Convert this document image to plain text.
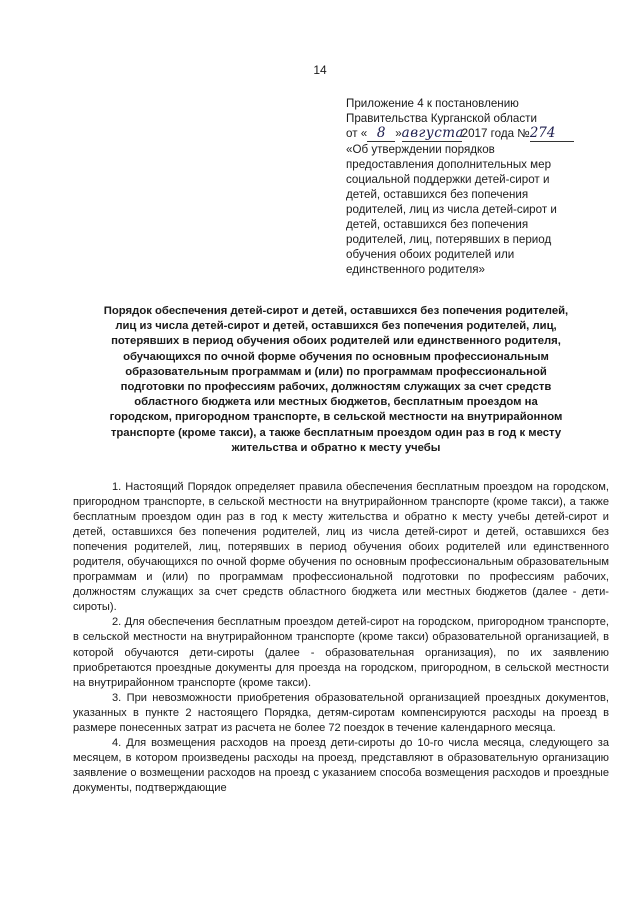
14
Приложение 4 к постановлению
Правительства Курганской области
от « 8 »августа2017 года №274
«Об утверждении порядков
предоставления дополнительных мер
социальной поддержки детей-сирот и
детей, оставшихся без попечения
родителей, лиц из числа детей-сирот и
детей, оставшихся без попечения
родителей, лиц, потерявших в период
обучения обоих родителей или
единственного родителя»
Порядок обеспечения детей-сирот и детей, оставшихся без попечения родителей,
лиц из числа детей-сирот и детей, оставшихся без попечения родителей, лиц,
потерявших в период обучения обоих родителей или единственного родителя,
обучающихся по очной форме обучения по основным профессиональным
образовательным программам и (или) по программам профессиональной
подготовки по профессиям рабочих, должностям служащих за счет средств
областного бюджета или местных бюджетов, бесплатным проездом на
городском, пригородном транспорте, в сельской местности на внутрирайонном
транспорте (кроме такси), а также бесплатным проездом один раз в год к месту
жительства и обратно к месту учебы

1. Настоящий Порядок определяет правила обеспечения бесплатным проездом на городском, пригородном транспорте, в сельской местности на внутрирайонном транспорте (кроме такси), а также бесплатным проездом один раз в год к месту жительства и обратно к месту учебы детей-сирот и детей, оставшихся без попечения родителей, лиц из числа детей-сирот и детей, оставшихся без попечения родителей, лиц, потерявших в период обучения обоих родителей или единственного родителя, обучающихся по очной форме обучения по основным профессиональным образовательным программам и (или) по программам профессиональной подготовки по профессиям рабочих, должностям служащих за счет средств областного бюджета или местных бюджетов (далее - дети-сироты).

2. Для обеспечения бесплатным проездом детей-сирот на городском, пригородном транспорте, в сельской местности на внутрирайонном транспорте (кроме такси) образовательной организацией, в которой обучаются дети-сироты (далее - образовательная организация), по их заявлению приобретаются проездные документы для проезда на городском, пригородном, в сельской местности на внутрирайонном транспорте (кроме такси).

3. При невозможности приобретения образовательной организацией проездных документов, указанных в пункте 2 настоящего Порядка, детям-сиротам компенсируются расходы на проезд в размере понесенных затрат из расчета не более 72 поездок в течение календарного месяца.

4. Для возмещения расходов на проезд дети-сироты до 10-го числа месяца, следующего за месяцем, в котором произведены расходы на проезд, представляют в образовательную организацию заявление о возмещении расходов на проезд с указанием способа возмещения расходов и проездные документы, подтверждающие
